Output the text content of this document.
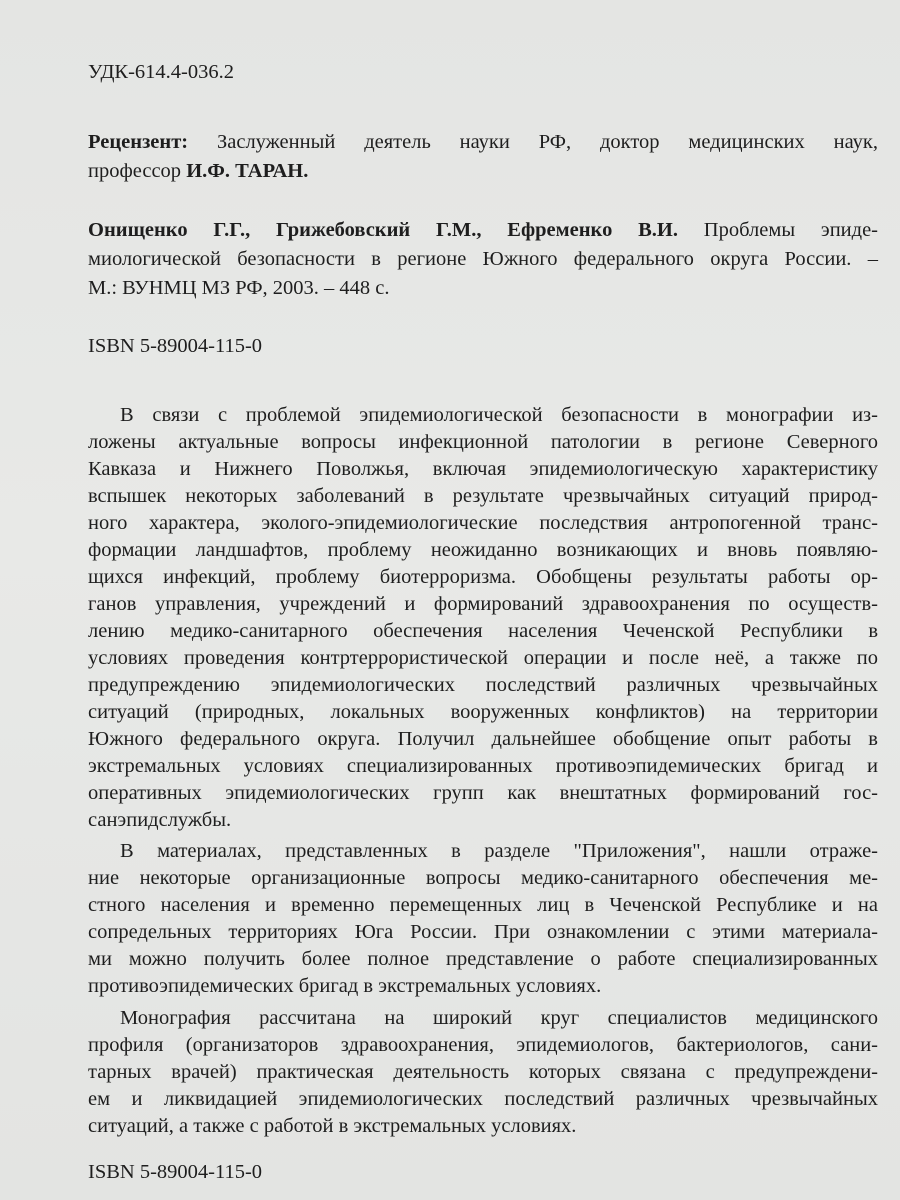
УДК-614.4-036.2
Рецензент: Заслуженный деятель науки РФ, доктор медицинских наук,
профессор И.Ф. ТАРАН.
Онищенко Г.Г., Грижебовский Г.М., Ефременко В.И. Проблемы эпиде-
миологической безопасности в регионе Южного федерального округа России. –
М.: ВУНМЦ МЗ РФ, 2003. – 448 с.
ISBN 5-89004-115-0
В связи с проблемой эпидемиологической безопасности в монографии из-
ложены актуальные вопросы инфекционной патологии в регионе Северного
Кавказа и Нижнего Поволжья, включая эпидемиологическую характеристику
вспышек некоторых заболеваний в результате чрезвычайных ситуаций природ-
ного характера, эколого-эпидемиологические последствия антропогенной транс-
формации ландшафтов, проблему неожиданно возникающих и вновь появляю-
щихся инфекций, проблему биотерроризма. Обобщены результаты работы ор-
ганов управления, учреждений и формирований здравоохранения по осуществ-
лению медико-санитарного обеспечения населения Чеченской Республики в
условиях проведения контртеррористической операции и после неё, а также по
предупреждению эпидемиологических последствий различных чрезвычайных
ситуаций (природных, локальных вооруженных конфликтов) на территории
Южного федерального округа. Получил дальнейшее обобщение опыт работы в
экстремальных условиях специализированных противоэпидемических бригад и
оперативных эпидемиологических групп как внештатных формирований гос-
санэпидслужбы.
В материалах, представленных в разделе "Приложения", нашли отраже-
ние некоторые организационные вопросы медико-санитарного обеспечения ме-
стного населения и временно перемещенных лиц в Чеченской Республике и на
сопредельных территориях Юга России. При ознакомлении с этими материала-
ми можно получить более полное представление о работе специализированных
противоэпидемических бригад в экстремальных условиях.
Монография рассчитана на широкий круг специалистов медицинского
профиля (организаторов здравоохранения, эпидемиологов, бактериологов, сани-
тарных врачей) практическая деятельность которых связана с предупреждени-
ем и ликвидацией эпидемиологических последствий различных чрезвычайных
ситуаций, а также с работой в экстремальных условиях.
ISBN 5-89004-115-0
